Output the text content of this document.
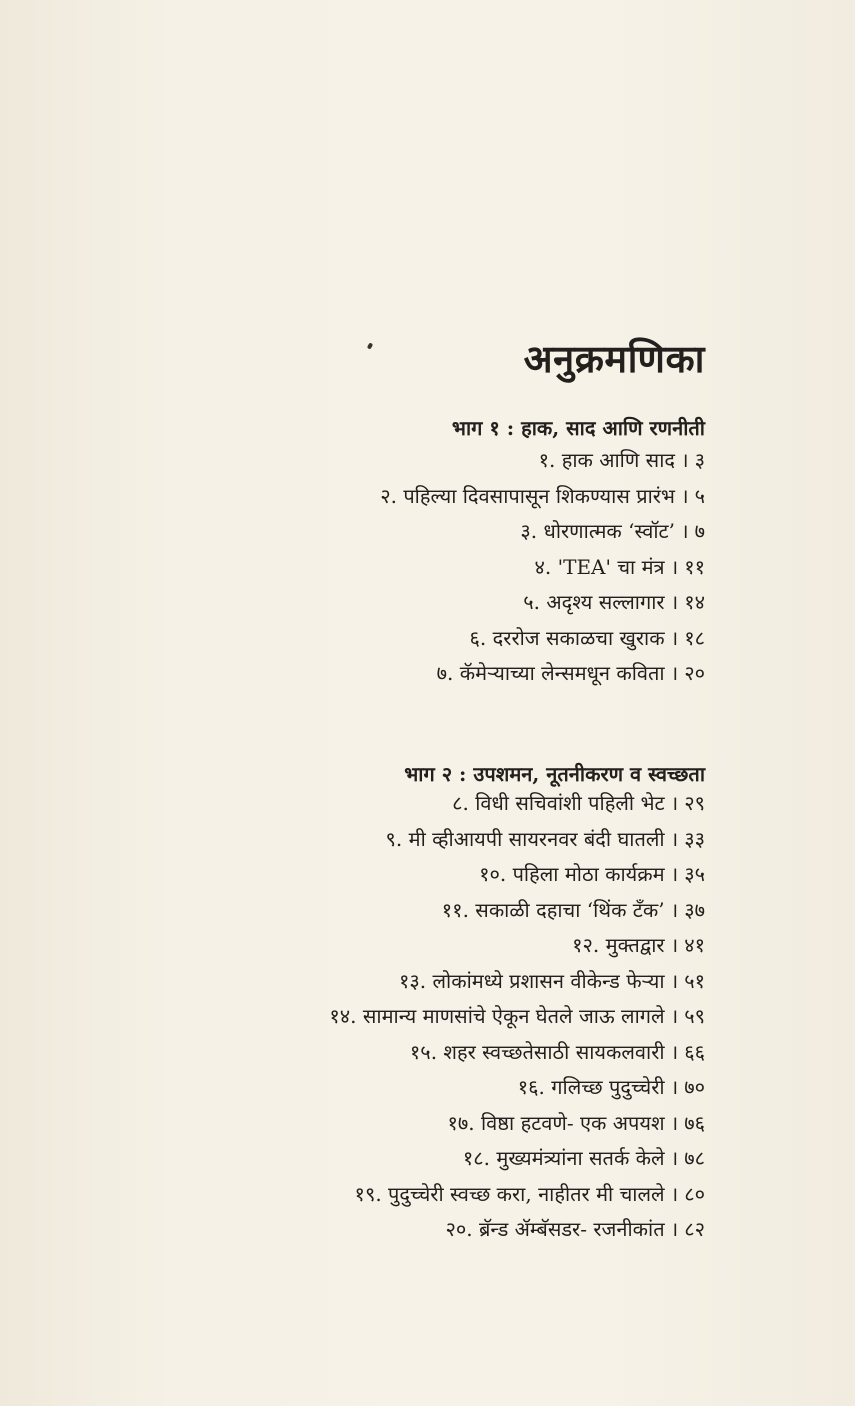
अनुक्रमणिका
भाग १ : हाक, साद आणि रणनीती
१. हाक आणि साद । ३
२. पहिल्या दिवसापासून शिकण्यास प्रारंभ । ५
३. धोरणात्मक ‘स्वॉट’ । ७
४. 'TEA' चा मंत्र । ११
५. अदृश्य सल्लागार । १४
६. दररोज सकाळचा खुराक । १८
७. कॅमेऱ्याच्या लेन्समधून कविता । २०
भाग २ : उपशमन, नूतनीकरण व स्वच्छता
८. विधी सचिवांशी पहिली भेट । २९
९. मी व्हीआयपी सायरनवर बंदी घातली । ३३
१०. पहिला मोठा कार्यक्रम । ३५
११. सकाळी दहाचा ‘थिंक टँक’ । ३७
१२. मुक्तद्वार । ४१
१३. लोकांमध्ये प्रशासन वीकेन्ड फेऱ्या । ५१
१४. सामान्य माणसांचे ऐकून घेतले जाऊ लागले । ५९
१५. शहर स्वच्छतेसाठी सायकलवारी । ६६
१६. गलिच्छ पुदुच्चेरी । ७०
१७. विष्ठा हटवणे- एक अपयश । ७६
१८. मुख्यमंत्र्यांना सतर्क केले । ७८
१९. पुदुच्चेरी स्वच्छ करा, नाहीतर मी चालले । ८०
२०. ब्रॅन्ड ॲम्बॅसडर- रजनीकांत । ८२
